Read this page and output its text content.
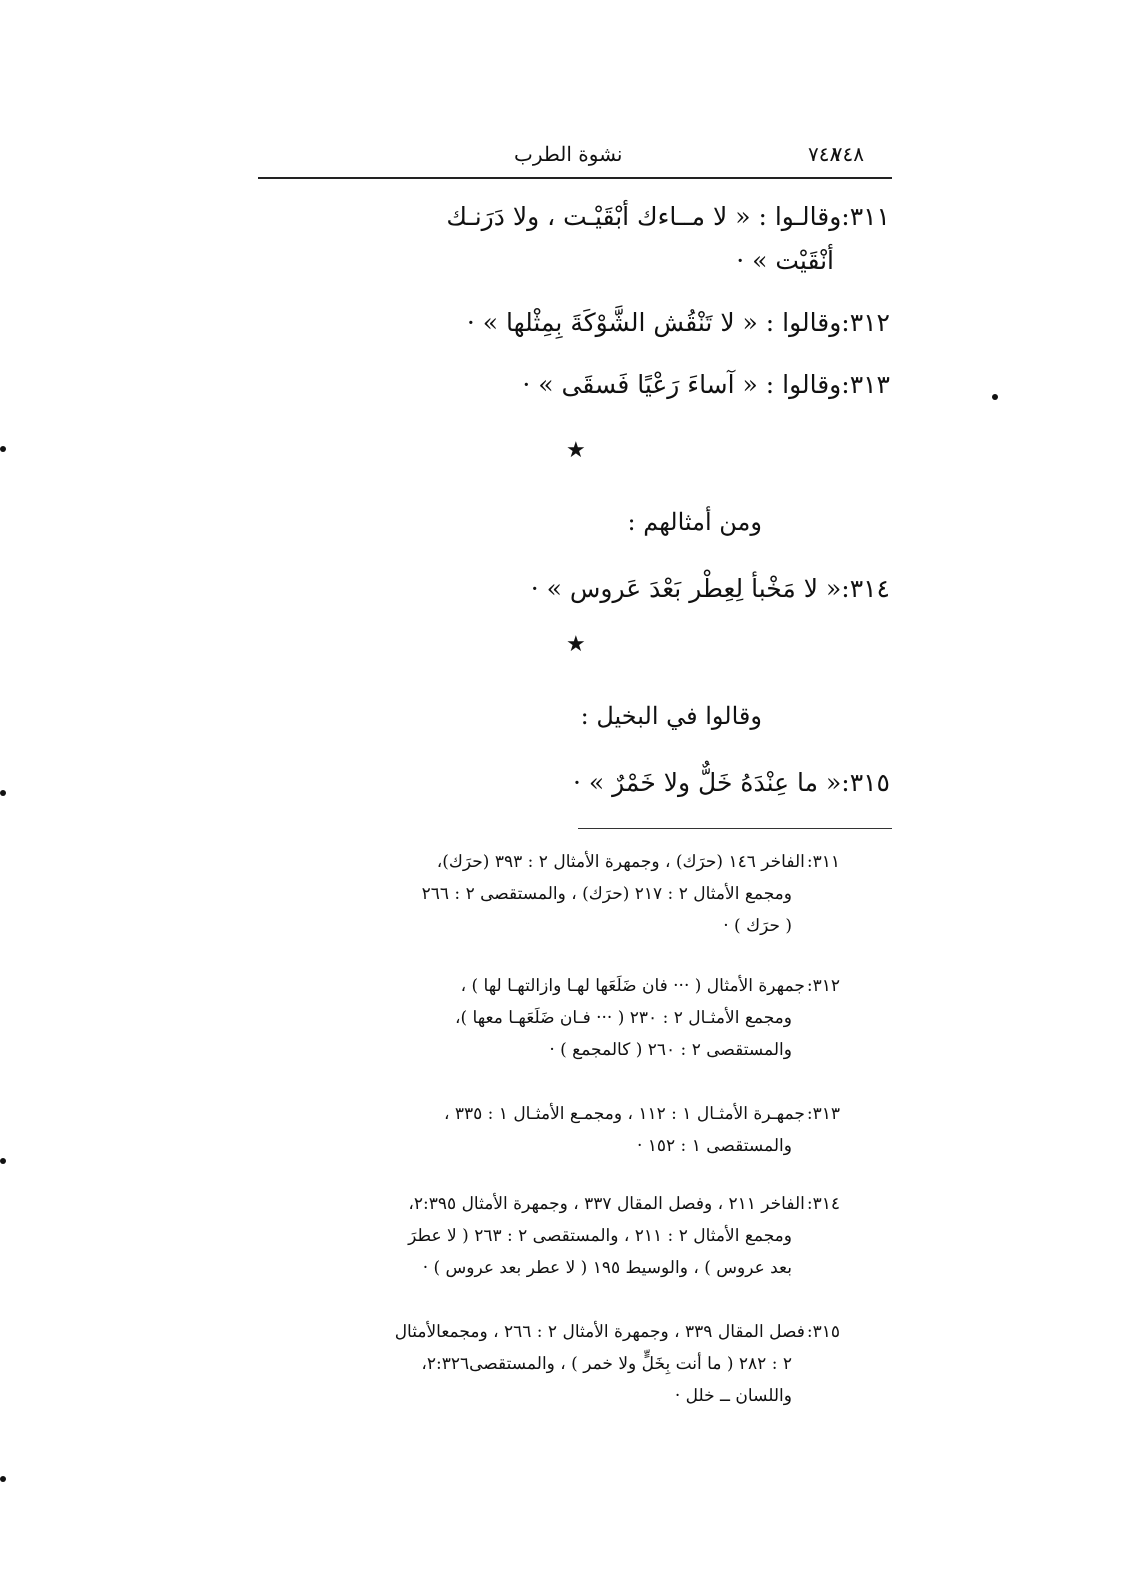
٧٤٨
٧٤٨
نشوة الطرب
٣١١:وقالـوا : « لا مــاءك أبْقَيْـت ، ولا دَرَنـك
أنْقَيْت » ·
٣١٢:وقالوا : « لا تَنْقُش الشَّوْكَةَ بِمِثْلها » ·
٣١٣:وقالوا : « آساءَ رَعْيًا فَسقَى » ·
★
ومن أمثالهم :
٣١٤:« لا مَخْبأ لِعِطْر بَعْدَ عَروس » ·
★
وقالوا في البخيل :
٣١٥:« ما عِنْدَهُ خَلٌّ ولا خَمْرٌ » ·
٣١١:الفاخر ١٤٦ (حرَك) ، وجمهرة الأمثال ٢ : ٣٩٣ (حرَك)،
ومجمع الأمثال ٢ : ٢١٧ (حرَك) ، والمستقصى ٢ : ٢٦٦
( حرَك ) ·
٣١٢:جمهرة الأمثال ( ··· فان ضَلَعَها لهـا وازالتهـا لها ) ،
ومجمع الأمثـال ٢ : ٢٣٠ ( ··· فـان ضَلَعَهـا معها )،
والمستقصى ٢ : ٢٦٠ ( كالمجمع ) ·
٣١٣:جمهـرة الأمثـال ١ : ١١٢ ، ومجمـع الأمثـال ١ : ٣٣٥ ،
والمستقصى ١ : ١٥٢ ·
٣١٤:الفاخر ٢١١ ، وفصل المقال ٣٣٧ ، وجمهرة الأمثال ٢:٣٩٥،
ومجمع الأمثال ٢ : ٢١١ ، والمستقصى ٢ : ٢٦٣ ( لا عطرَ
بعد عروس ) ، والوسيط ١٩٥ ( لا عطر بعد عروس ) ·
٣١٥:فصل المقال ٣٣٩ ، وجمهرة الأمثال ٢ : ٢٦٦ ، ومجمعالأمثال
٢ : ٢٨٢ ( ما أنت بِخَلٍّ ولا خمر ) ، والمستقصى٢:٣٢٦،
واللسان ــ خلل ·
